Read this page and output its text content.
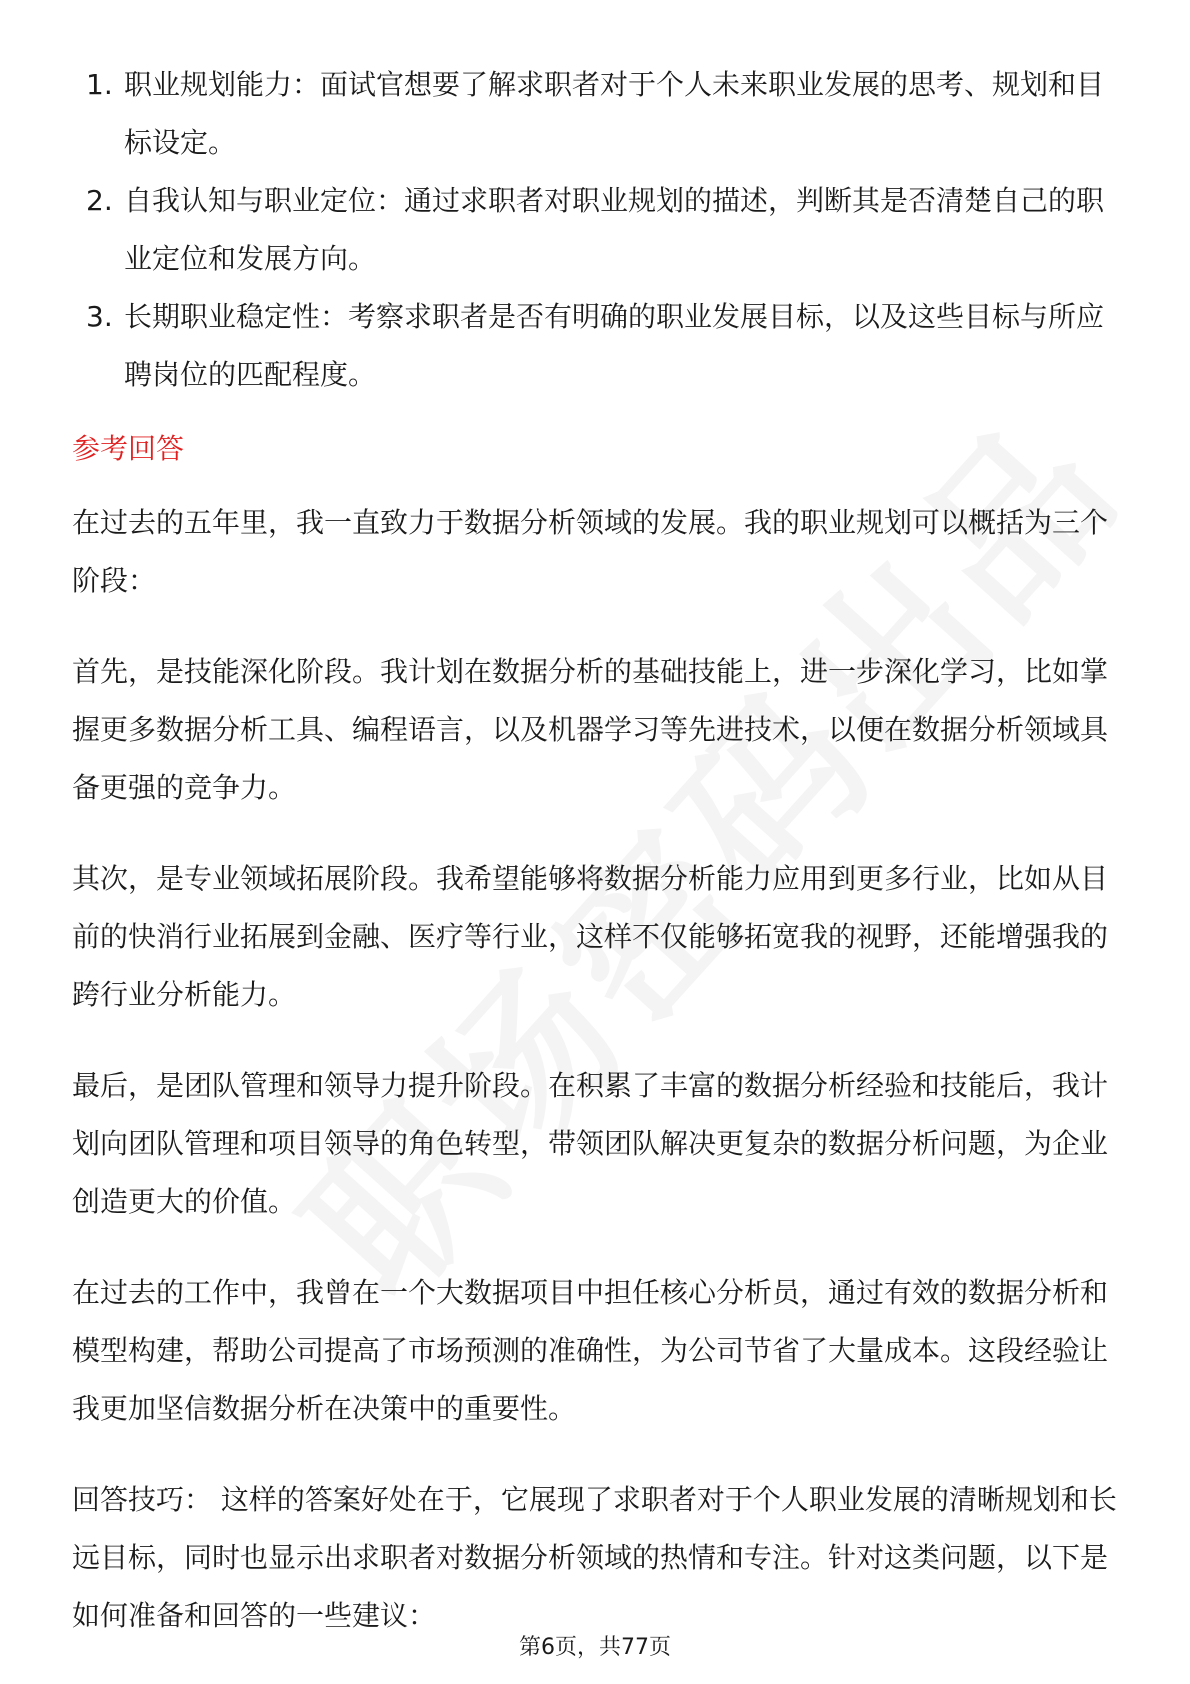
1. 职业规划能力：面试官想要了解求职者对于个人未来职业发展的思考、规划和目标设定。
2. 自我认知与职业定位：通过求职者对职业规划的描述，判断其是否清楚自己的职业定位和发展方向。
3. 长期职业稳定性：考察求职者是否有明确的职业发展目标，以及这些目标与所应聘岗位的匹配程度。
参考回答

在过去的五年里，我一直致力于数据分析领域的发展。我的职业规划可以概括为三个阶段：

首先，是技能深化阶段。我计划在数据分析的基础技能上，进一步深化学习，比如掌握更多数据分析工具、编程语言，以及机器学习等先进技术，以便在数据分析领域具备更强的竞争力。

其次，是专业领域拓展阶段。我希望能够将数据分析能力应用到更多行业，比如从目前的快消行业拓展到金融、医疗等行业，这样不仅能够拓宽我的视野，还能增强我的跨行业分析能力。

最后，是团队管理和领导力提升阶段。在积累了丰富的数据分析经验和技能后，我计划向团队管理和项目领导的角色转型，带领团队解决更复杂的数据分析问题，为企业创造更大的价值。

在过去的工作中，我曾在一个大数据项目中担任核心分析员，通过有效的数据分析和模型构建，帮助公司提高了市场预测的准确性，为公司节省了大量成本。这段经验让我更加坚信数据分析在决策中的重要性。

回答技巧： 这样的答案好处在于，它展现了求职者对于个人职业发展的清晰规划和长远目标，同时也显示出求职者对数据分析领域的热情和专注。针对这类问题，以下是如何准备和回答的一些建议：

第6页，共77页
